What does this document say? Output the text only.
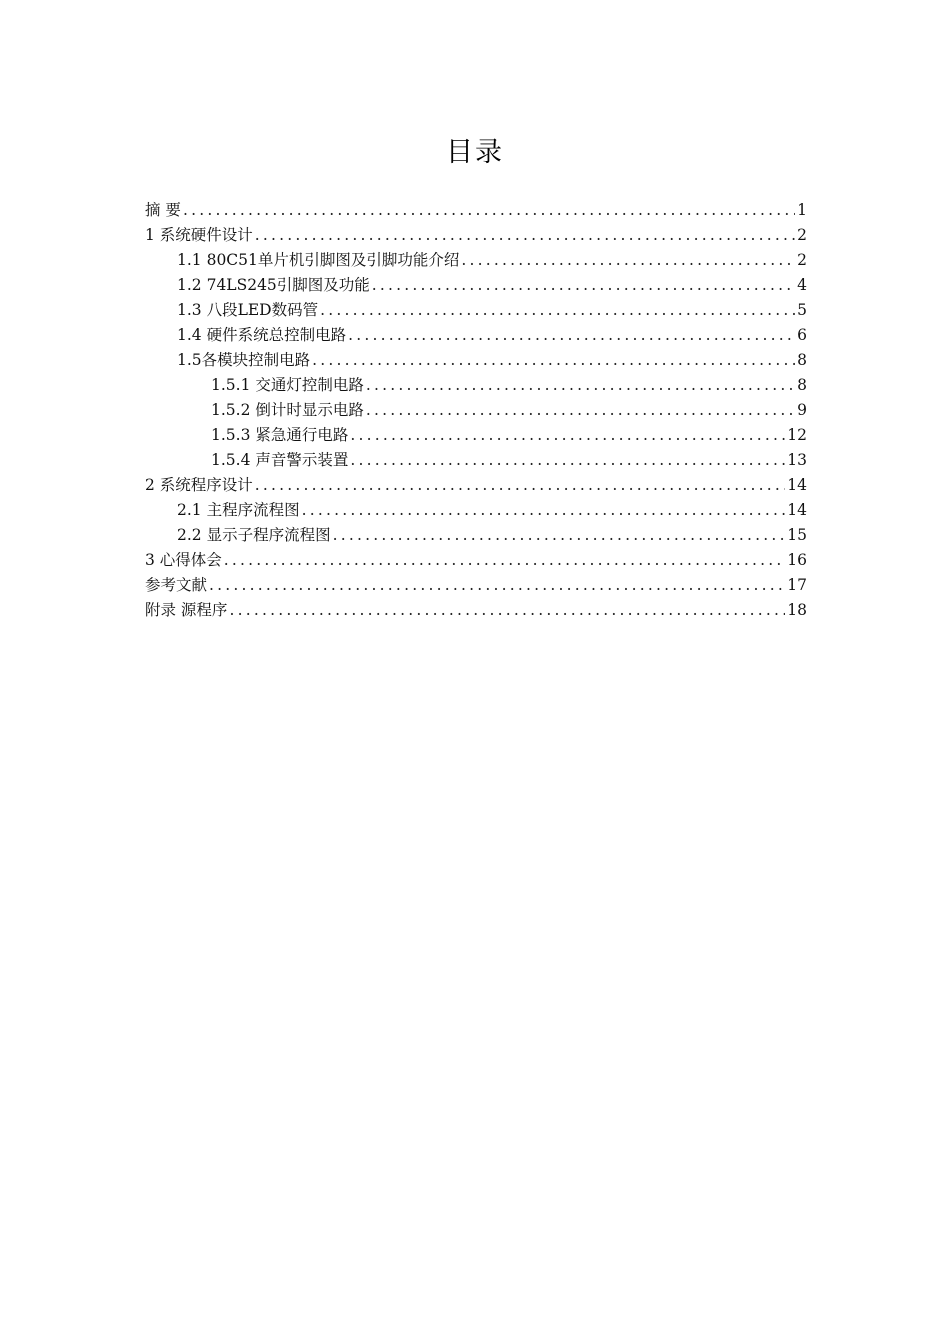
目录
摘 要 .....	1
1 系统硬件设计 .....	2
1.1 80C51单片机引脚图及引脚功能介绍 .....	2
1.2 74LS245引脚图及功能 .....	4
1.3 八段LED数码管 .....	5
1.4 硬件系统总控制电路 .....	6
1.5各模块控制电路 .....	8
1.5.1 交通灯控制电路 .....	8
1.5.2 倒计时显示电路 .....	9
1.5.3 紧急通行电路 .....	12
1.5.4 声音警示装置 .....	13
2 系统程序设计 .....	14
2.1 主程序流程图 .....	14
2.2 显示子程序流程图 .....	15
3 心得体会 .....	16
参考文献 .....	17
附录 源程序 .....	18
